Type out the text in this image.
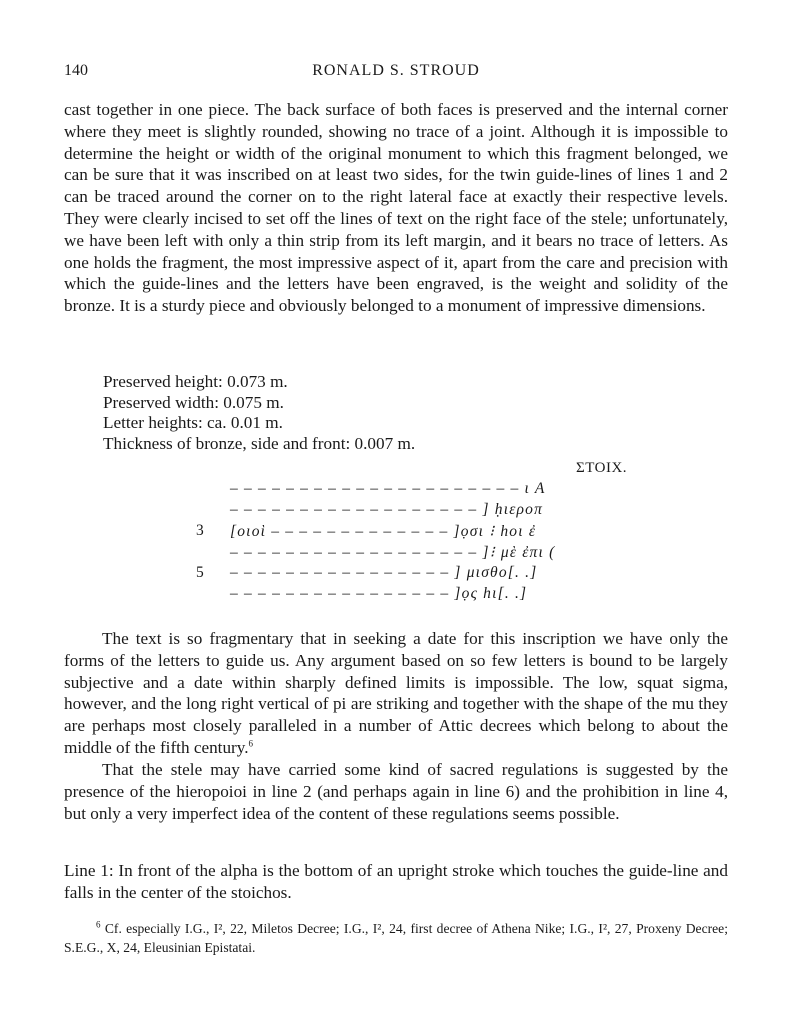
140	RONALD S. STROUD

cast together in one piece. The back surface of both faces is preserved and the internal corner where they meet is slightly rounded, showing no trace of a joint. Although it is impossible to determine the height or width of the original monument to which this fragment belonged, we can be sure that it was inscribed on at least two sides, for the twin guide-lines of lines 1 and 2 can be traced around the corner on to the right lateral face at exactly their respective levels. They were clearly incised to set off the lines of text on the right face of the stele; unfortunately, we have been left with only a thin strip from its left margin, and it bears no trace of letters. As one holds the fragment, the most impressive aspect of it, apart from the care and precision with which the guide-lines and the letters have been engraved, is the weight and solidity of the bronze. It is a sturdy piece and obviously belonged to a monument of impressive dimensions.

Preserved height: 0.073 m.
Preserved width: 0.075 m.
Letter heights: ca. 0.01 m.
Thickness of bronze, side and front: 0.007 m.
ΣΤΟΙΧ.
– – – – – – – – – – – – – – – – – – – – – ι Α
– – – – – – – – – – – – – – – – – – ] ḥιεροπ
3	[οιοὶ – – – – – – – – – – – – – ]ọσι ⁝ hοι ἐ
– – – – – – – – – – – – – – – – – – ]⁝ μὲ ἐπι (
5	– – – – – – – – – – – – – – – – ] μισθο[. .]
– – – – – – – – – – – – – – – – ]ọς hι[. .]

The text is so fragmentary that in seeking a date for this inscription we have only the forms of the letters to guide us. Any argument based on so few letters is bound to be largely subjective and a date within sharply defined limits is impossible. The low, squat sigma, however, and the long right vertical of pi are striking and together with the shape of the mu they are perhaps most closely paralleled in a number of Attic decrees which belong to about the middle of the fifth century.$^6$

That the stele may have carried some kind of sacred regulations is suggested by the presence of the hieropoioi in line 2 (and perhaps again in line 6) and the prohibition in line 4, but only a very imperfect idea of the content of these regulations seems possible.

Line 1: In front of the alpha is the bottom of an upright stroke which touches the guide-line and falls in the center of the stoichos.

$^6$ Cf. especially I.G., I², 22, Miletos Decree; I.G., I², 24, first decree of Athena Nike; I.G., I², 27, Proxeny Decree; S.E.G., X, 24, Eleusinian Epistatai.
